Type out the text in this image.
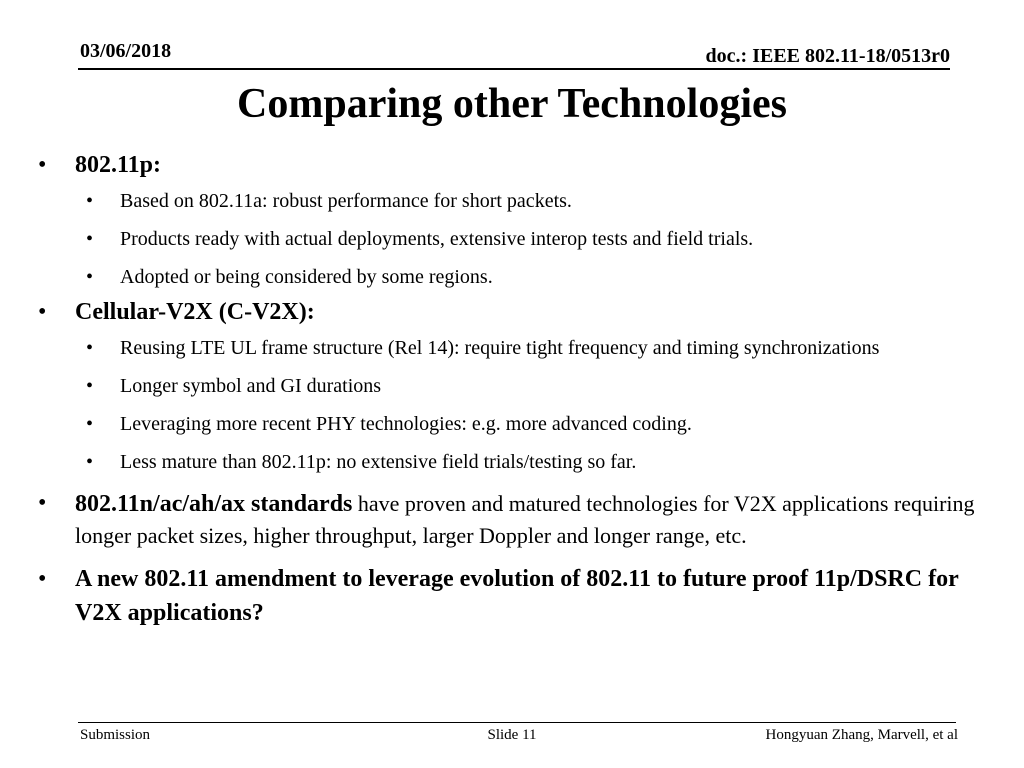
03/06/2018	doc.: IEEE 802.11-18/0513r0
Comparing other Technologies
• 802.11p:
• Based on 802.11a: robust performance for short packets.
• Products ready with actual deployments, extensive interop tests and field trials.
• Adopted or being considered by some regions.
• Cellular-V2X (C-V2X):
• Reusing LTE UL frame structure (Rel 14): require tight frequency and timing synchronizations
• Longer symbol and GI durations
• Leveraging more recent PHY technologies: e.g. more advanced coding.
• Less mature than 802.11p: no extensive field trials/testing so far.
• 802.11n/ac/ah/ax standards have proven and matured technologies for V2X applications requiring longer packet sizes, higher throughput, larger Doppler and longer range, etc.
• A new 802.11 amendment to leverage evolution of 802.11 to future proof 11p/DSRC for V2X applications?
Submission	Slide 11	Hongyuan Zhang, Marvell, et al
